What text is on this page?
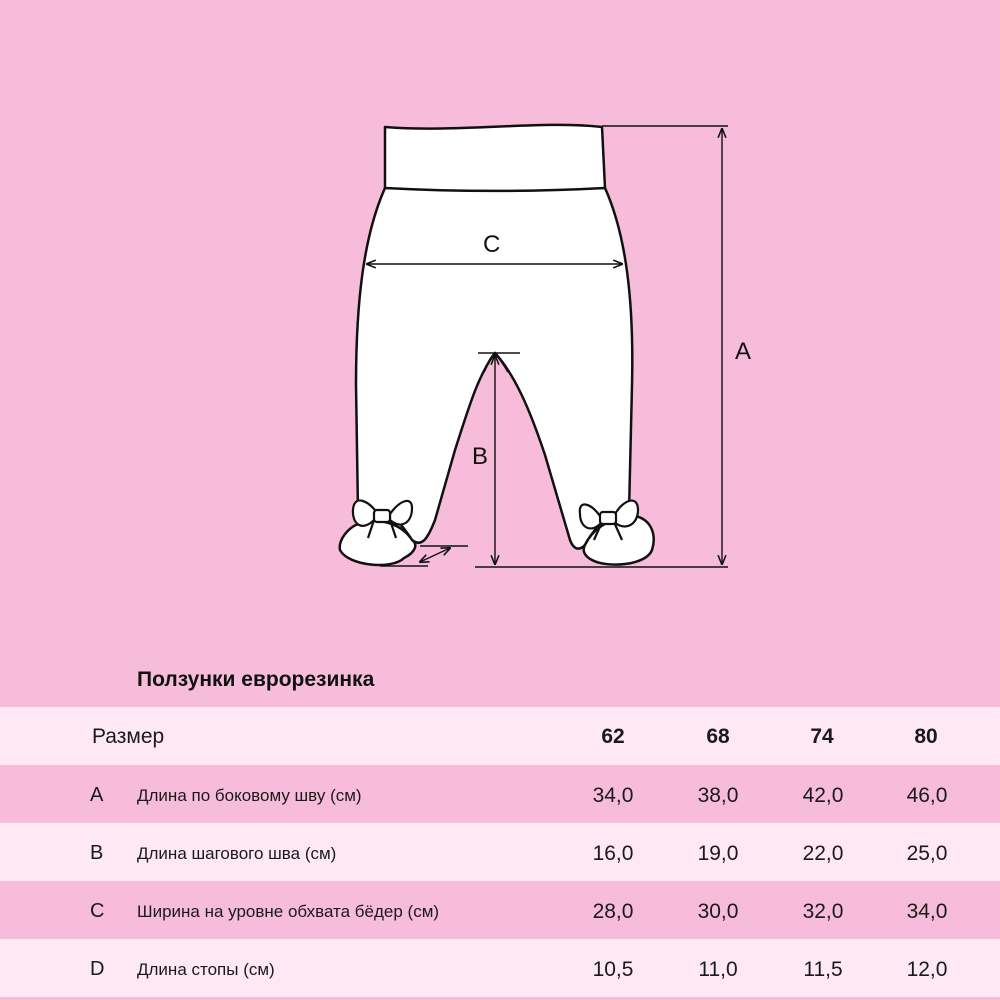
A
B
C
Ползунки еврорезинка
Размер	62	68	74	80
A	Длина по боковому шву (см)	34,0	38,0	42,0	46,0
B	Длина шагового шва (см)	16,0	19,0	22,0	25,0
C	Ширина на уровне обхвата бёдер (см)	28,0	30,0	32,0	34,0
D	Длина стопы (см)	10,5	11,0	11,5	12,0
